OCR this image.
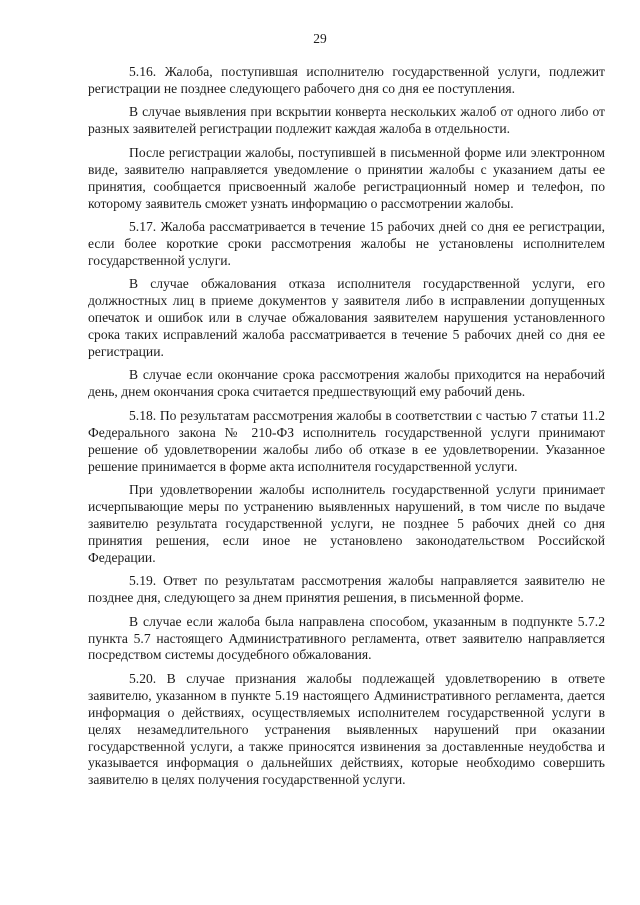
29

5.16. Жалоба, поступившая исполнителю государственной услуги, подлежит регистрации не позднее следующего рабочего дня со дня ее поступления.

В случае выявления при вскрытии конверта нескольких жалоб от одного либо от разных заявителей регистрации подлежит каждая жалоба в отдельности.

После регистрации жалобы, поступившей в письменной форме или электронном виде, заявителю направляется уведомление о принятии жалобы с указанием даты ее принятия, сообщается присвоенный жалобе регистрационный номер и телефон, по которому заявитель сможет узнать информацию о рассмотрении жалобы.

5.17. Жалоба рассматривается в течение 15 рабочих дней со дня ее регистрации, если более короткие сроки рассмотрения жалобы не установлены исполнителем государственной услуги.

В случае обжалования отказа исполнителя государственной услуги, его должностных лиц в приеме документов у заявителя либо в исправлении допущенных опечаток и ошибок или в случае обжалования заявителем нарушения установленного срока таких исправлений жалоба рассматривается в течение 5 рабочих дней со дня ее регистрации.

В случае если окончание срока рассмотрения жалобы приходится на нерабочий день, днем окончания срока считается предшествующий ему рабочий день.

5.18. По результатам рассмотрения жалобы в соответствии с частью 7 статьи 11.2 Федерального закона № 210-ФЗ исполнитель государственной услуги принимают решение об удовлетворении жалобы либо об отказе в ее удовлетворении. Указанное решение принимается в форме акта исполнителя государственной услуги.

При удовлетворении жалобы исполнитель государственной услуги принимает исчерпывающие меры по устранению выявленных нарушений, в том числе по выдаче заявителю результата государственной услуги, не позднее 5 рабочих дней со дня принятия решения, если иное не установлено законодательством Российской Федерации.

5.19. Ответ по результатам рассмотрения жалобы направляется заявителю не позднее дня, следующего за днем принятия решения, в письменной форме.

В случае если жалоба была направлена способом, указанным в подпункте 5.7.2 пункта 5.7 настоящего Административного регламента, ответ заявителю направляется посредством системы досудебного обжалования.

5.20. В случае признания жалобы подлежащей удовлетворению в ответе заявителю, указанном в пункте 5.19 настоящего Административного регламента, дается информация о действиях, осуществляемых исполнителем государственной услуги в целях незамедлительного устранения выявленных нарушений при оказании государственной услуги, а также приносятся извинения за доставленные неудобства и указывается информация о дальнейших действиях, которые необходимо совершить заявителю в целях получения государственной услуги.
